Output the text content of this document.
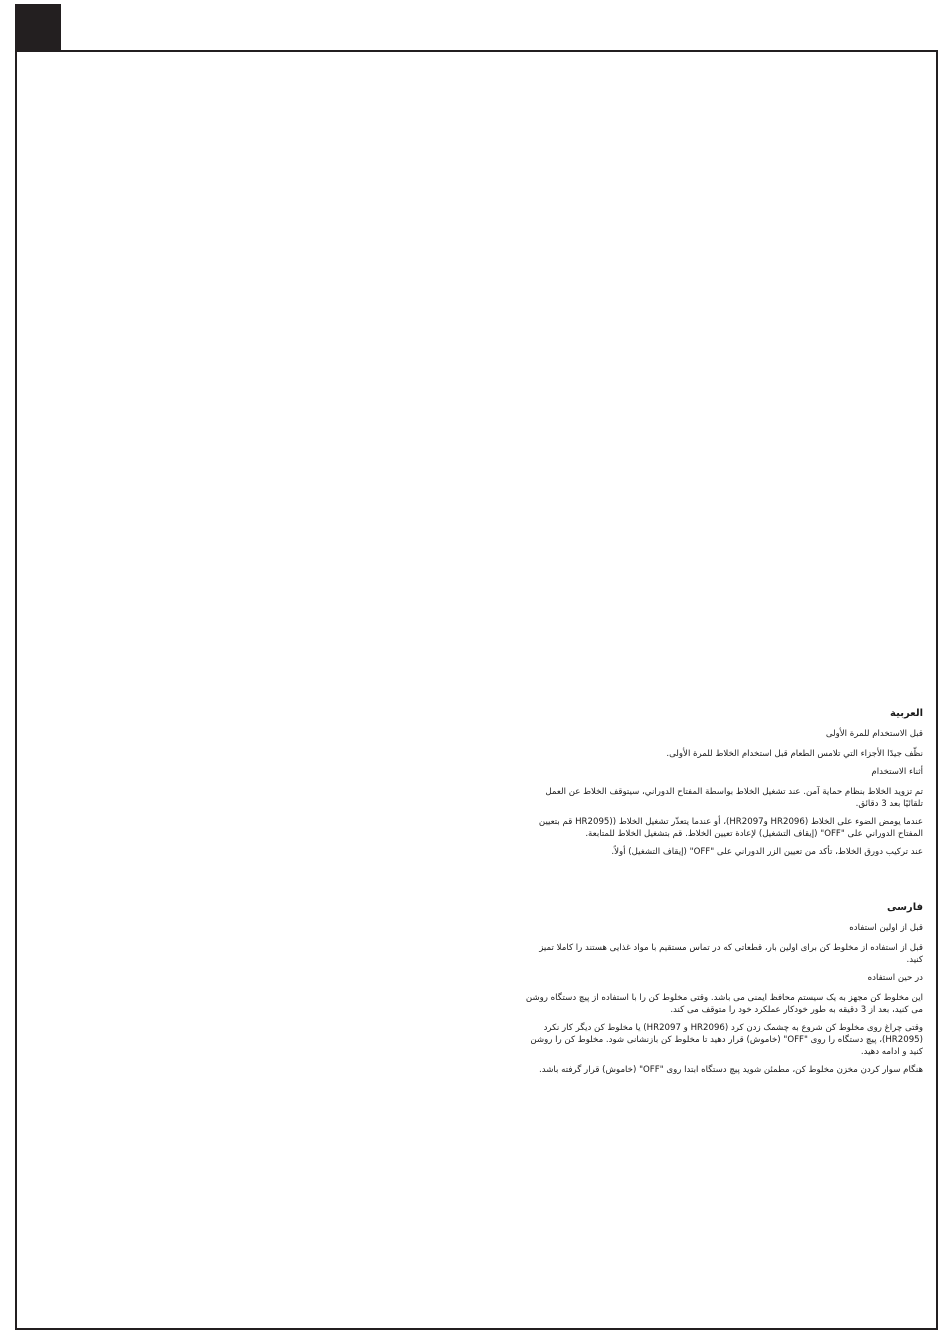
العربية
قبل الاستخدام للمرة الأولى
نظّف جيدًا الأجزاء التي تلامس الطعام قبل استخدام الخلاط للمرة الأولى.
أثناء الاستخدام
تم تزويد الخلاط بنظام حماية آمن. عند تشغيل الخلاط بواسطة المفتاح الدوراني، سيتوقف الخلاط عن العمل تلقائيًا بعد 3 دقائق.
عندما يومض الضوء على الخلاط (HR2096 وHR2097)، أو عندما يتعذّر تشغيل الخلاط ((HR2095 قم بتعيين المفتاح الدوراني على "OFF" (إيقاف التشغيل) لإعادة تعيين الخلاط. قم بتشغيل الخلاط للمتابعة.
عند تركيب دورق الخلاط، تأكد من تعيين الزر الدوراني على "OFF" (إيقاف التشغيل) أولاً.
فارسی
قبل از اولین استفاده
قبل از استفاده از مخلوط کن برای اولین بار، قطعاتی که در تماس مستقیم با مواد غذایی هستند را کاملا تمیز کنید.
در حین استفاده
این مخلوط کن مجهز به یک سیستم محافظ ایمنی می باشد. وقتی مخلوط کن را با استفاده از پیچ دستگاه روشن می کنید، بعد از 3 دقیقه به طور خودکار عملکرد خود را متوقف می کند.
وقتی چراغ روی مخلوط کن شروع به چشمک زدن کرد (HR2096 و HR2097) یا مخلوط کن دیگر کار نکرد (HR2095)، پیچ دستگاه را روی "OFF" (خاموش) قرار دهید تا مخلوط کن بازنشانی شود. مخلوط کن را روشن کنید و ادامه دهید.
هنگام سوار کردن مخزن مخلوط کن، مطمئن شوید پیچ دستگاه ابتدا روی "OFF" (خاموش) قرار گرفته باشد.
